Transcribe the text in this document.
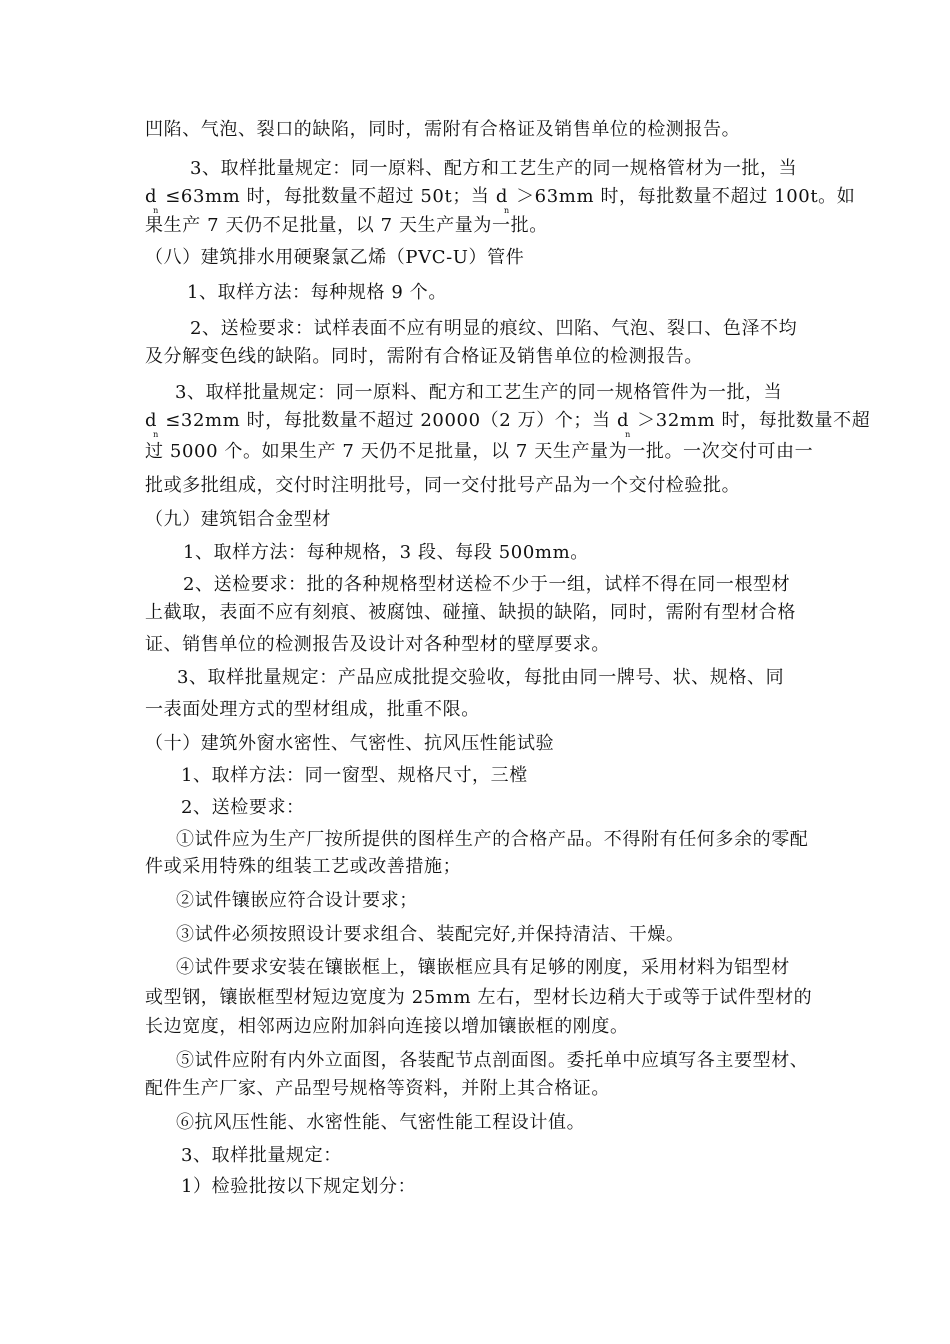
凹陷、气泡、裂口的缺陷，同时，需附有合格证及销售单位的检测报告。
3、取样批量规定：同一原料、配方和工艺生产的同一规格管材为一批，当
$d_n \le 63mm$ 时，每批数量不超过 50t；当 $d_n >63mm$ 时，每批数量不超过 100t。如
果生产 7 天仍不足批量，以 7 天生产量为一批。
（八）建筑排水用硬聚氯乙烯（PVC-U）管件
1、取样方法：每种规格 9 个。
2、送检要求：试样表面不应有明显的痕纹、凹陷、气泡、裂口、色泽不均
及分解变色线的缺陷。同时，需附有合格证及销售单位的检测报告。
3、取样批量规定：同一原料、配方和工艺生产的同一规格管件为一批，当
$d_n \le 32mm$ 时，每批数量不超过 20000（2 万）个；当 $d_n >32mm$ 时，每批数量不超
过 5000 个。如果生产 7 天仍不足批量，以 7 天生产量为一批。一次交付可由一
批或多批组成，交付时注明批号，同一交付批号产品为一个交付检验批。
（九）建筑铝合金型材
1、取样方法：每种规格，3 段、每段 500mm。
2、送检要求：批的各种规格型材送检不少于一组，试样不得在同一根型材
上截取，表面不应有刻痕、被腐蚀、碰撞、缺损的缺陷，同时，需附有型材合格
证、销售单位的检测报告及设计对各种型材的壁厚要求。
3、取样批量规定：产品应成批提交验收，每批由同一牌号、状、规格、同
一表面处理方式的型材组成，批重不限。
（十）建筑外窗水密性、气密性、抗风压性能试验
1、取样方法：同一窗型、规格尺寸，三樘
2、送检要求：
①试件应为生产厂按所提供的图样生产的合格产品。不得附有任何多余的零配
件或采用特殊的组装工艺或改善措施；
②试件镶嵌应符合设计要求；
③试件必须按照设计要求组合、装配完好,并保持清洁、干燥。
④试件要求安装在镶嵌框上，镶嵌框应具有足够的刚度，采用材料为铝型材
或型钢，镶嵌框型材短边宽度为 25mm 左右，型材长边稍大于或等于试件型材的
长边宽度，相邻两边应附加斜向连接以增加镶嵌框的刚度。
⑤试件应附有内外立面图，各装配节点剖面图。委托单中应填写各主要型材、
配件生产厂家、产品型号规格等资料，并附上其合格证。
⑥抗风压性能、水密性能、气密性能工程设计值。
3、取样批量规定：
1）检验批按以下规定划分：
